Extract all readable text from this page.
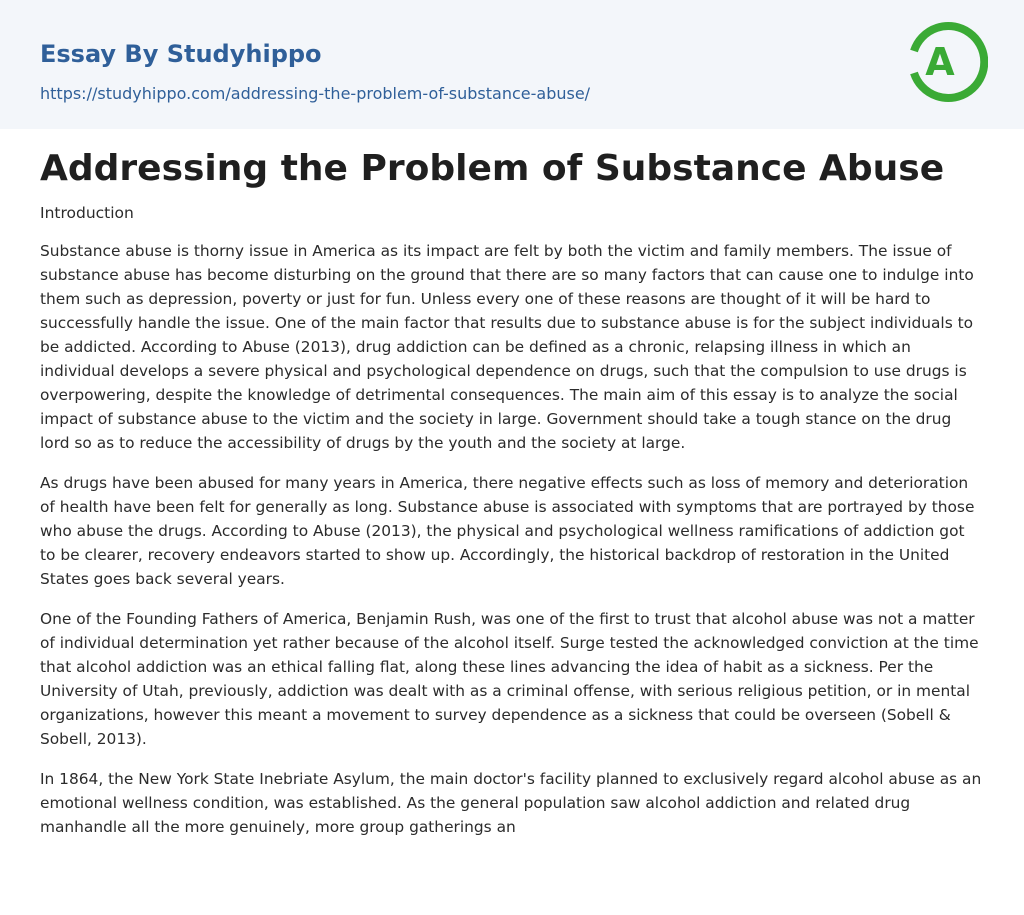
Essay By Studyhippo
https://studyhippo.com/addressing-the-problem-of-substance-abuse/
A
Addressing the Problem of Substance Abuse
Introduction

Substance abuse is thorny issue in America as its impact are felt by both the victim and family members. The issue of substance abuse has become disturbing on the ground that there are so many factors that can cause one to indulge into them such as depression, poverty or just for fun. Unless every one of these reasons are thought of it will be hard to successfully handle the issue. One of the main factor that results due to substance abuse is for the subject individuals to be addicted. According to Abuse (2013), drug addiction can be defined as a chronic, relapsing illness in which an individual develops a severe physical and psychological dependence on drugs, such that the compulsion to use drugs is overpowering, despite the knowledge of detrimental consequences. The main aim of this essay is to analyze the social impact of substance abuse to the victim and the society in large. Government should take a tough stance on the drug lord so as to reduce the accessibility of drugs by the youth and the society at large.

As drugs have been abused for many years in America, there negative effects such as loss of memory and deterioration of health have been felt for generally as long. Substance abuse is associated with symptoms that are portrayed by those who abuse the drugs. According to Abuse (2013), the physical and psychological wellness ramifications of addiction got to be clearer, recovery endeavors started to show up. Accordingly, the historical backdrop of restoration in the United States goes back several years.

One of the Founding Fathers of America, Benjamin Rush, was one of the first to trust that alcohol abuse was not a matter of individual determination yet rather because of the alcohol itself. Surge tested the acknowledged conviction at the time that alcohol addiction was an ethical falling flat, along these lines advancing the idea of habit as a sickness. Per the University of Utah, previously, addiction was dealt with as a criminal offense, with serious religious petition, or in mental organizations, however this meant a movement to survey dependence as a sickness that could be overseen (Sobell & Sobell, 2013).

In 1864, the New York State Inebriate Asylum, the main doctor's facility planned to exclusively regard alcohol abuse as an emotional wellness condition, was established. As the general population saw alcohol addiction and related drug manhandle all the more genuinely, more group gatherings an
